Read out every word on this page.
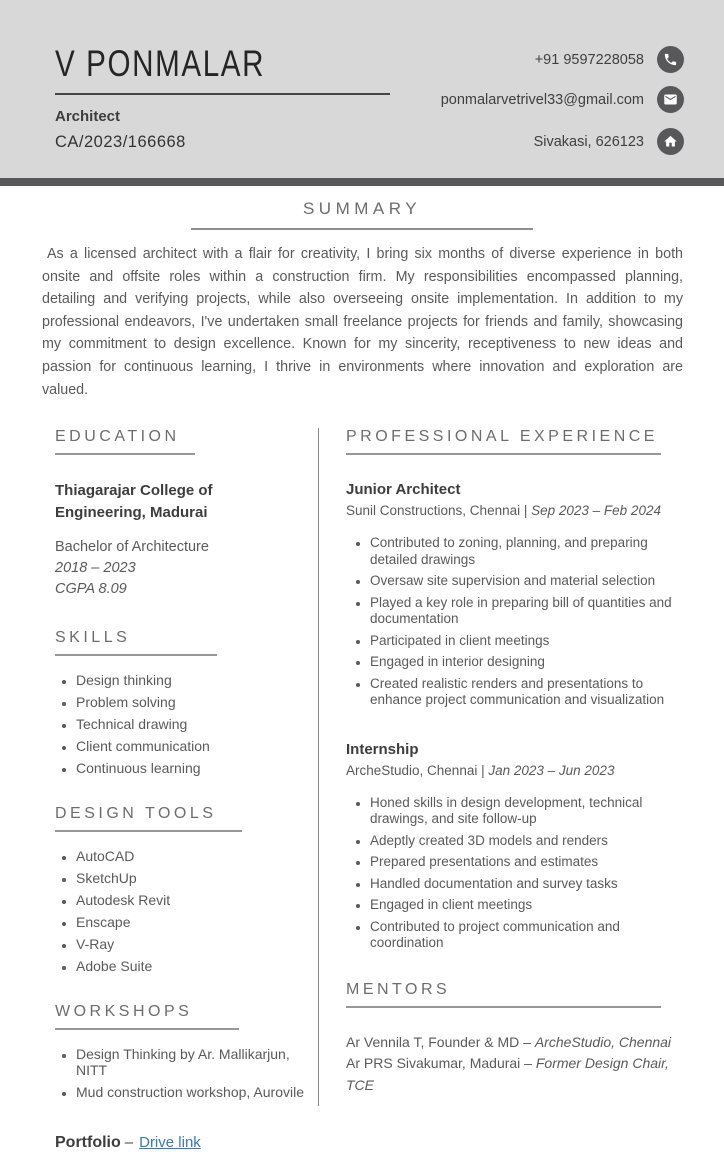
V PONMALAR
Architect
CA/2023/166668
+91 9597228058
ponmalarvetrivel33@gmail.com
Sivakasi, 626123
SUMMARY

As a licensed architect with a flair for creativity, I bring six months of diverse experience in both onsite and offsite roles within a construction firm. My responsibilities encompassed planning, detailing and verifying projects, while also overseeing onsite implementation. In addition to my professional endeavors, I've undertaken small freelance projects for friends and family, showcasing my commitment to design excellence. Known for my sincerity, receptiveness to new ideas and passion for continuous learning, I thrive in environments where innovation and exploration are valued.

EDUCATION
Thiagarajar College of Engineering, Madurai
Bachelor of Architecture
2018 – 2023
CGPA 8.09
SKILLS
• Design thinking
• Problem solving
• Technical drawing
• Client communication
• Continuous learning
DESIGN TOOLS
• AutoCAD
• SketchUp
• Autodesk Revit
• Enscape
• V-Ray
• Adobe Suite
WORKSHOPS
• Design Thinking by Ar. Mallikarjun, NITT
• Mud construction workshop, Aurovile
PROFESSIONAL EXPERIENCE
Junior Architect
Sunil Constructions, Chennai | Sep 2023 – Feb 2024
• Contributed to zoning, planning, and preparing detailed drawings
• Oversaw site supervision and material selection
• Played a key role in preparing bill of quantities and documentation
• Participated in client meetings
• Engaged in interior designing
• Created realistic renders and presentations to enhance project communication and visualization
Internship
ArcheStudio, Chennai | Jan 2023 – Jun 2023
• Honed skills in design development, technical drawings, and site follow-up
• Adeptly created 3D models and renders
• Prepared presentations and estimates
• Handled documentation and survey tasks
• Engaged in client meetings
• Contributed to project communication and coordination
MENTORS
Ar Vennila T, Founder & MD – ArcheStudio, Chennai
Ar PRS Sivakumar, Madurai – Former Design Chair, TCE
Portfolio – Drive link
